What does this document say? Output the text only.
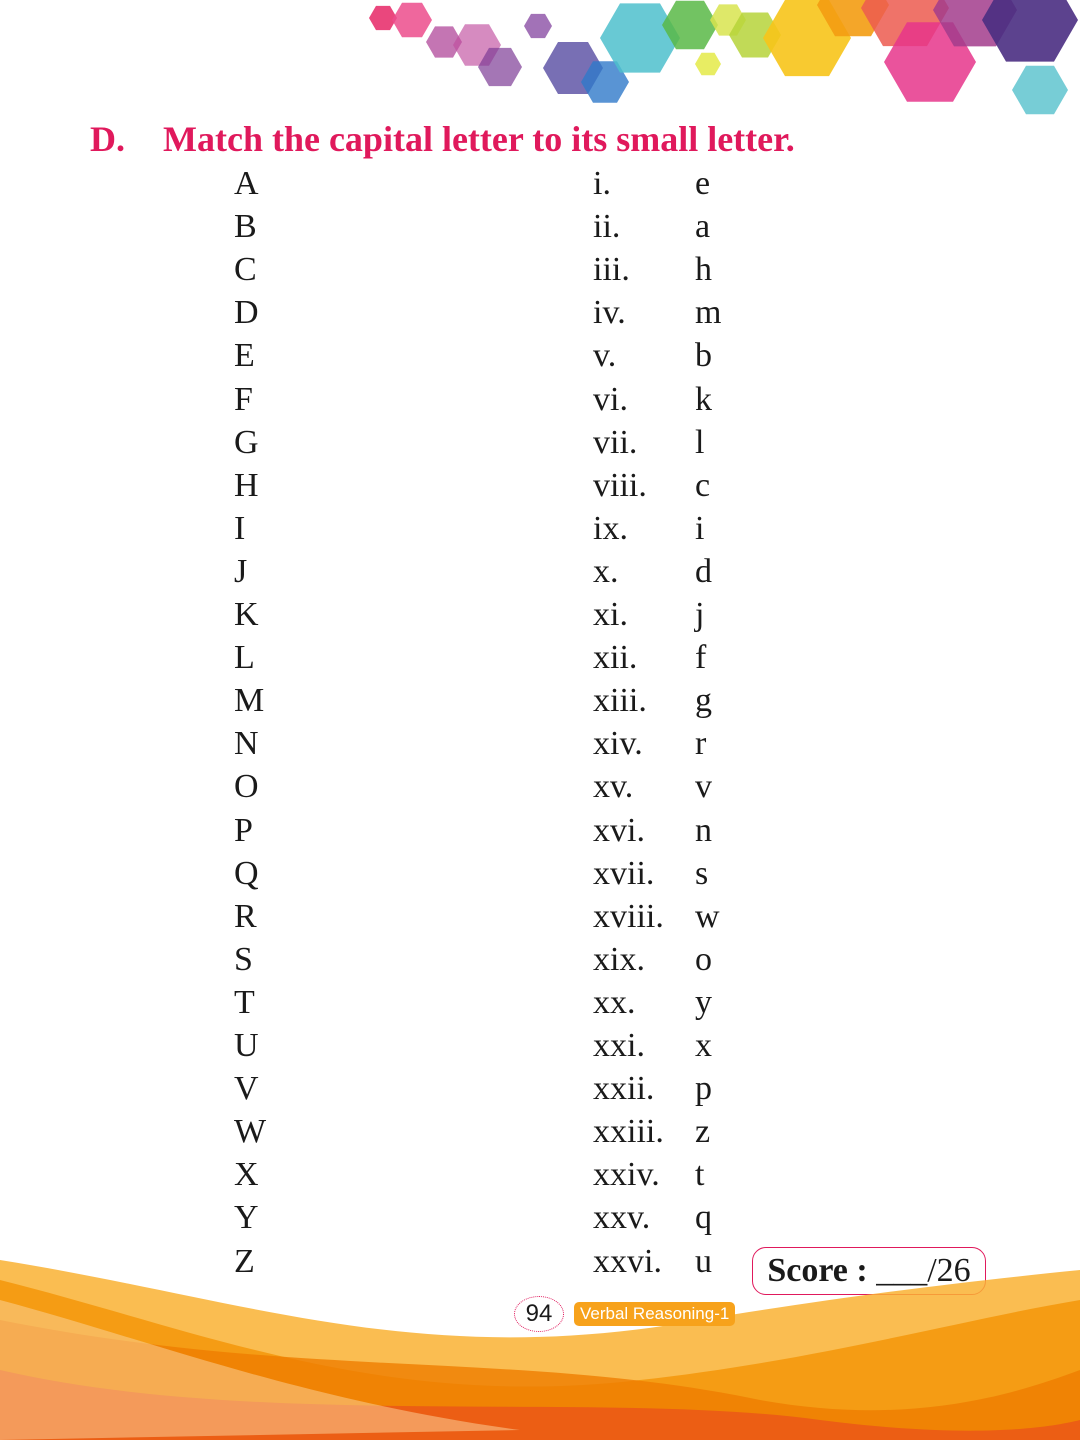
D. Match the capital letter to its small letter.
A	i. e
B	ii. a
C	iii. h
D	iv. m
E	v. b
F	vi. k
G	vii. l
H	viii. c
I	ix. i
J	x. d
K	xi. j
L	xii. f
M	xiii. g
N	xiv. r
O	xv. v
P	xvi. n
Q	xvii. s
R	xviii. w
S	xix. o
T	xx. y
U	xxi. x
V	xxii. p
W	xxiii. z
X	xxiv. t
Y	xxv. q
Z	xxvi. u	Score : ___/26
94	Verbal Reasoning-1
